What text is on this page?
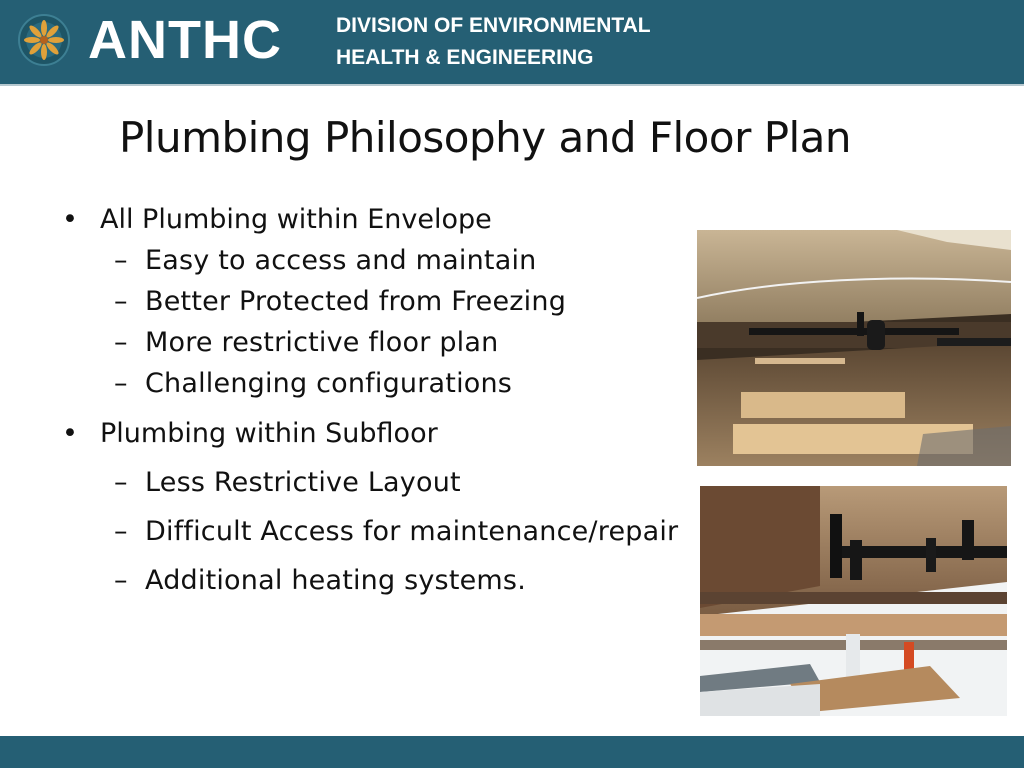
ANTHC	DIVISION OF ENVIRONMENTAL
HEALTH & ENGINEERING
Plumbing Philosophy and Floor Plan
• All Plumbing within Envelope
– Easy to access and maintain
– Better Protected from Freezing
– More restrictive floor plan
– Challenging configurations
• Plumbing within Subfloor
– Less Restrictive Layout
– Difficult Access for maintenance/repair
– Additional heating systems.
